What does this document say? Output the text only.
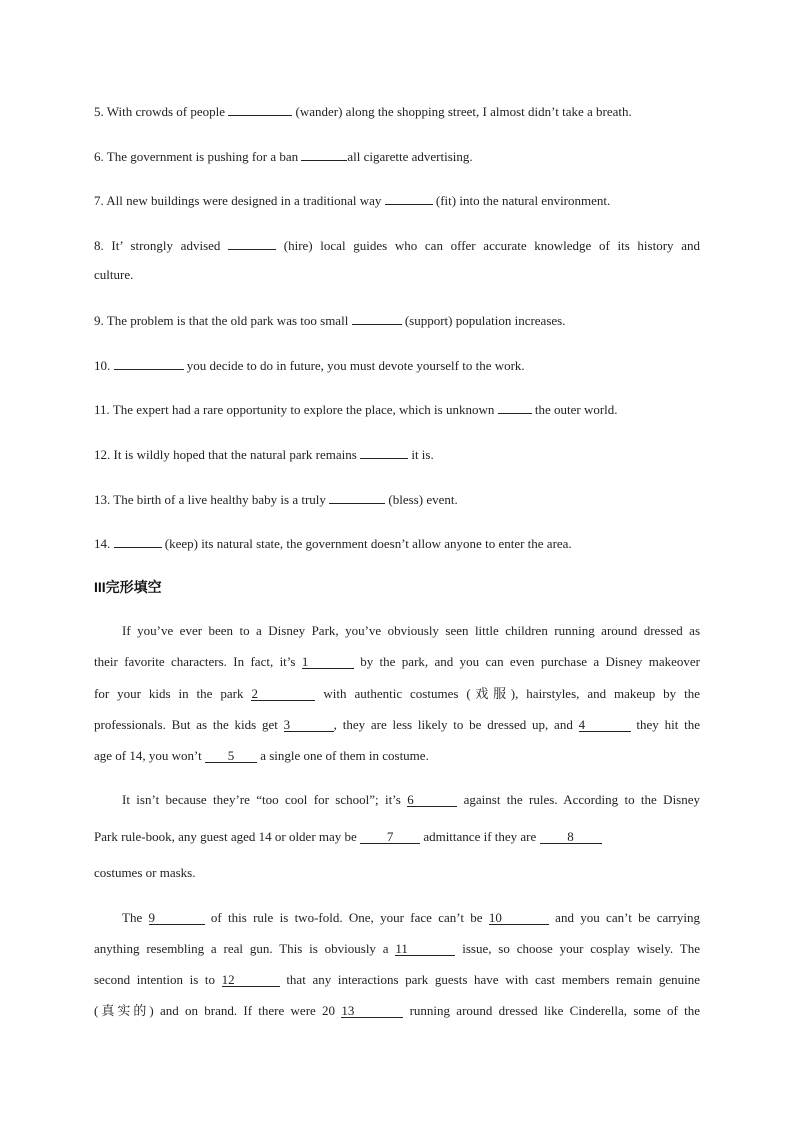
5. With crowds of people	(wander) along the shopping street, I almost didn’t take a breath.
6. The government is pushing for a ban	all cigarette advertising.
7. All new buildings were designed in a traditional way	(fit) into the natural environment.
8. It’ strongly advised	(hire) local guides who can offer accurate knowledge of its history and
culture.
9. The problem is that the old park was too small	(support) population increases.
10.	you decide to do in future, you must devote yourself to the work.
11. The expert had a rare opportunity to explore the place, which is unknown	the outer world.
12. It is wildly hoped that the natural park remains	it is.
13. The birth of a live healthy baby is a truly	(bless) event.
14.	(keep) its natural state, the government doesn’t allow anyone to enter the area.
III完形填空
If you’ve ever been to a Disney Park, you’ve obviously seen little children running around dressed as
their favorite characters. In fact, it’s 1	by the park, and you can even purchase a Disney makeover
for your kids in the park 2	with authentic costumes (戏服), hairstyles, and makeup by the
professionals. But as the kids get 3	, they are less likely to be dressed up, and 4	they hit the
age of 14, you won’t 5 a single one of them in costume.
It isn’t because they’re “too cool for school”; it’s 6	against the rules. According to the Disney
Park rule-book, any guest aged 14 or older may be 7 admittance if they are 8
costumes or masks.
The 9	of this rule is two-fold. One, your face can’t be 10	and you can’t be carrying
anything resembling a real gun. This is obviously a 11	issue, so choose your cosplay wisely. The
second intention is to 12	that any interactions park guests have with cast members remain genuine
(真实的) and on brand. If there were 20 13	running around dressed like Cinderella, some of the
